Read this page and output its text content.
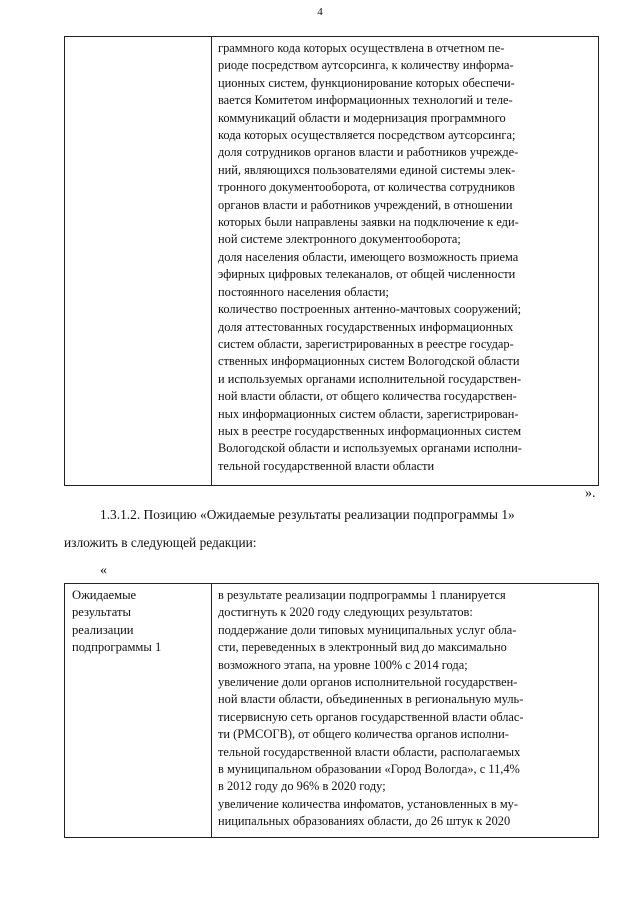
4

граммного кода которых осуществлена в отчетном пе-
риоде посредством аутсорсинга, к количеству информа-
ционных систем, функционирование которых обеспечи-
вается Комитетом информационных технологий и теле-
коммуникаций области и модернизация программного
кода которых осуществляется посредством аутсорсинга;
доля сотрудников органов власти и работников учрежде-
ний, являющихся пользователями единой системы элек-
тронного документооборота, от количества сотрудников
органов власти и работников учреждений, в отношении
которых были направлены заявки на подключение к еди-
ной системе электронного документооборота;
доля населения области, имеющего возможность приема
эфирных цифровых телеканалов, от общей численности
постоянного населения области;
количество построенных антенно-мачтовых сооружений;
доля аттестованных государственных информационных
систем области, зарегистрированных в реестре государ-
ственных информационных систем Вологодской области
и используемых органами исполнительной государствен-
ной власти области, от общего количества государствен-
ных информационных систем области, зарегистрирован-
ных в реестре государственных информационных систем
Вологодской области и используемых органами исполни-
тельной государственной власти области
».
1.3.1.2. Позицию «Ожидаемые результаты реализации подпрограммы 1»
изложить в следующей редакции:
«
Ожидаемые
результаты
реализации
подпрограммы 1

в результате реализации подпрограммы 1 планируется
достигнуть к 2020 году следующих результатов:
поддержание доли типовых муниципальных услуг обла-
сти, переведенных в электронный вид до максимально
возможного этапа, на уровне 100% с 2014 года;
увеличение доли органов исполнительной государствен-
ной власти области, объединенных в региональную муль-
тисервисную сеть органов государственной власти облас-
ти (РМСОГВ), от общего количества органов исполни-
тельной государственной власти области, располагаемых
в муниципальном образовании «Город Вологда», с 11,4%
в 2012 году до 96% в 2020 году;
увеличение количества инфоматов, установленных в му-
ниципальных образованиях области, до 26 штук к 2020
